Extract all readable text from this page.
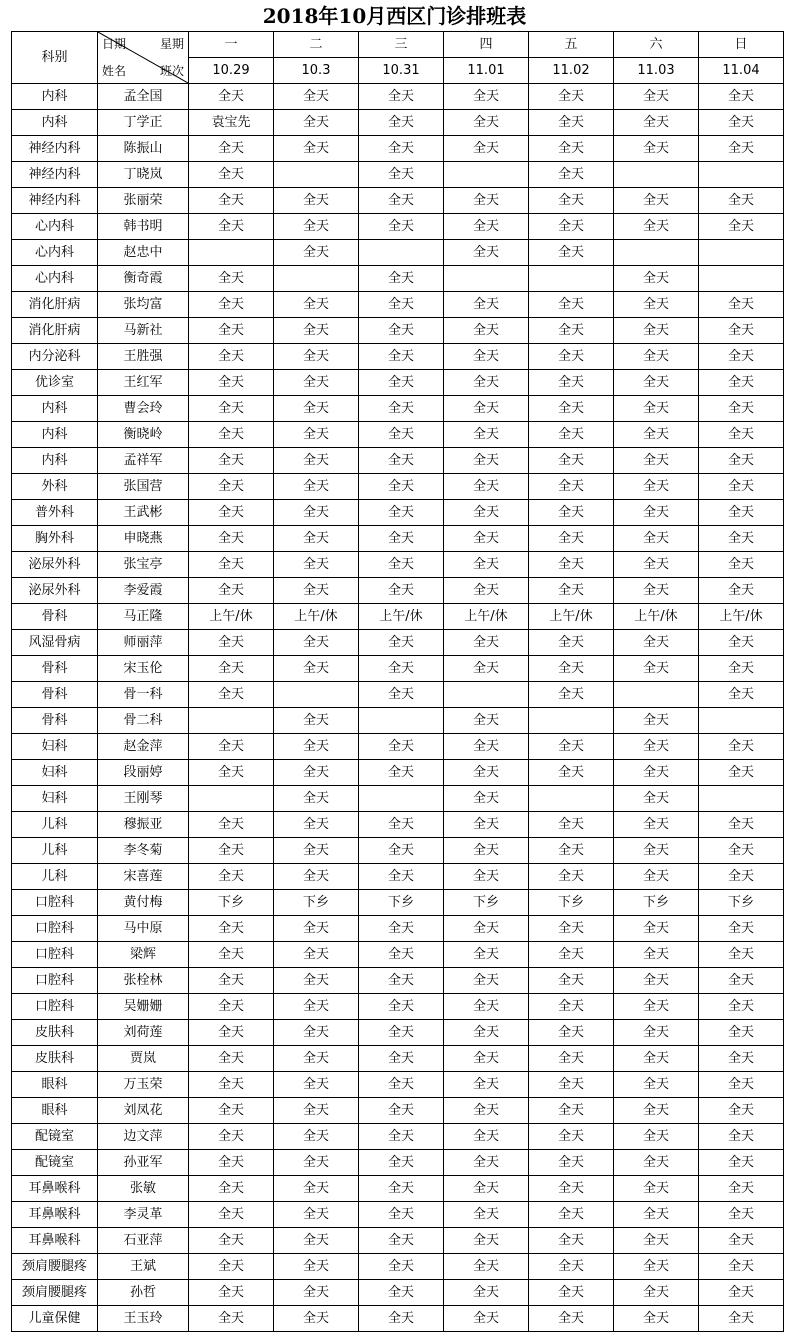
2018年10月西区门诊排班表
科别	日期 星期
姓名 班次	一	二	三	四	五	六	日
		10.29	10.3	10.31	11.01	11.02	11.03	11.04
内科	孟全国	全天	全天	全天	全天	全天	全天	全天
内科	丁学正	袁宝先	全天	全天	全天	全天	全天	全天
神经内科	陈振山	全天	全天	全天	全天	全天	全天	全天
神经内科	丁晓岚	全天		全天		全天		
神经内科	张丽荣	全天	全天	全天	全天	全天	全天	全天
心内科	韩书明	全天	全天	全天	全天	全天	全天	全天
心内科	赵忠中		全天		全天	全天		
心内科	衡奇霞	全天		全天			全天	
消化肝病	张均富	全天	全天	全天	全天	全天	全天	全天
消化肝病	马新社	全天	全天	全天	全天	全天	全天	全天
内分泌科	王胜强	全天	全天	全天	全天	全天	全天	全天
优诊室	王红军	全天	全天	全天	全天	全天	全天	全天
内科	曹会玲	全天	全天	全天	全天	全天	全天	全天
内科	衡晓岭	全天	全天	全天	全天	全天	全天	全天
内科	孟祥军	全天	全天	全天	全天	全天	全天	全天
外科	张国营	全天	全天	全天	全天	全天	全天	全天
普外科	王武彬	全天	全天	全天	全天	全天	全天	全天
胸外科	申晓燕	全天	全天	全天	全天	全天	全天	全天
泌尿外科	张宝亭	全天	全天	全天	全天	全天	全天	全天
泌尿外科	李爱霞	全天	全天	全天	全天	全天	全天	全天
骨科	马正隆	上午/休	上午/休	上午/休	上午/休	上午/休	上午/休	上午/休
风湿骨病	师丽萍	全天	全天	全天	全天	全天	全天	全天
骨科	宋玉伦	全天	全天	全天	全天	全天	全天	全天
骨科	骨一科	全天		全天		全天		全天
骨科	骨二科		全天		全天		全天	
妇科	赵金萍	全天	全天	全天	全天	全天	全天	全天
妇科	段丽婷	全天	全天	全天	全天	全天	全天	全天
妇科	王刚琴		全天		全天		全天	
儿科	穆振亚	全天	全天	全天	全天	全天	全天	全天
儿科	李冬菊	全天	全天	全天	全天	全天	全天	全天
儿科	宋喜莲	全天	全天	全天	全天	全天	全天	全天
口腔科	黄付梅	下乡	下乡	下乡	下乡	下乡	下乡	下乡
口腔科	马中原	全天	全天	全天	全天	全天	全天	全天
口腔科	梁辉	全天	全天	全天	全天	全天	全天	全天
口腔科	张栓林	全天	全天	全天	全天	全天	全天	全天
口腔科	吴姗姗	全天	全天	全天	全天	全天	全天	全天
皮肤科	刘荷莲	全天	全天	全天	全天	全天	全天	全天
皮肤科	贾岚	全天	全天	全天	全天	全天	全天	全天
眼科	万玉荣	全天	全天	全天	全天	全天	全天	全天
眼科	刘凤花	全天	全天	全天	全天	全天	全天	全天
配镜室	边文萍	全天	全天	全天	全天	全天	全天	全天
配镜室	孙亚军	全天	全天	全天	全天	全天	全天	全天
耳鼻喉科	张敏	全天	全天	全天	全天	全天	全天	全天
耳鼻喉科	李灵革	全天	全天	全天	全天	全天	全天	全天
耳鼻喉科	石亚萍	全天	全天	全天	全天	全天	全天	全天
颈肩腰腿疼	王斌	全天	全天	全天	全天	全天	全天	全天
颈肩腰腿疼	孙哲	全天	全天	全天	全天	全天	全天	全天
儿童保健	王玉玲	全天	全天	全天	全天	全天	全天	全天
